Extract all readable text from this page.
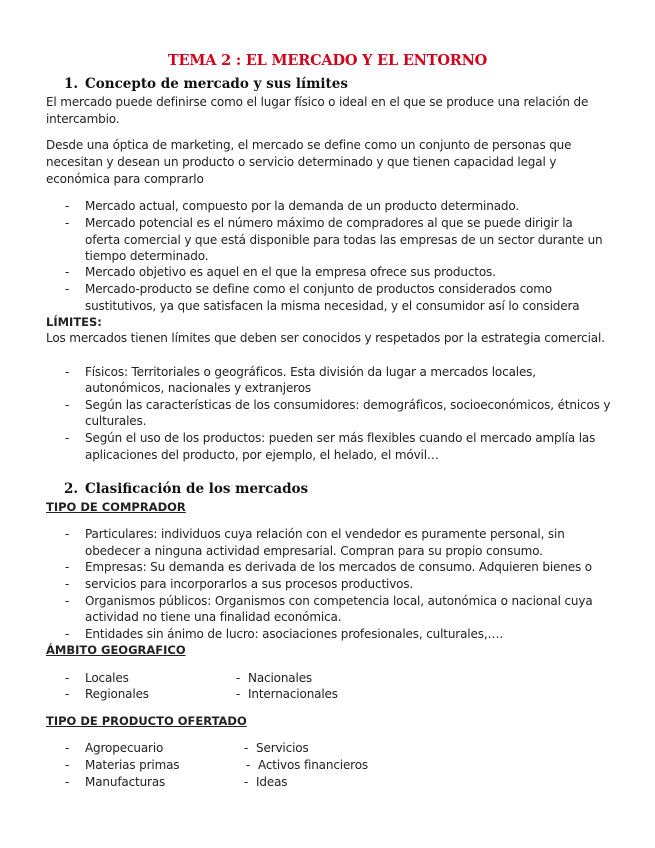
TEMA 2 : EL MERCADO Y EL ENTORNO
1. Concepto de mercado y sus límites
El mercado puede definirse como el lugar físico o ideal en el que se produce una relación de
intercambio.
Desde una óptica de marketing, el mercado se define como un conjunto de personas que
necesitan y desean un producto o servicio determinado y que tienen capacidad legal y
económica para comprarlo
- Mercado actual, compuesto por la demanda de un producto determinado.
- Mercado potencial es el número máximo de compradores al que se puede dirigir la
oferta comercial y que está disponible para todas las empresas de un sector durante un
tiempo determinado.
- Mercado objetivo es aquel en el que la empresa ofrece sus productos.
- Mercado-producto se define como el conjunto de productos considerados como
sustitutivos, ya que satisfacen la misma necesidad, y el consumidor así lo considera
LÍMITES:
Los mercados tienen límites que deben ser conocidos y respetados por la estrategia comercial.
- Físicos: Territoriales o geográficos. Esta división da lugar a mercados locales,
autonómicos, nacionales y extranjeros
- Según las características de los consumidores: demográficos, socioeconómicos, étnicos y
culturales.
- Según el uso de los productos: pueden ser más flexibles cuando el mercado amplía las
aplicaciones del producto, por ejemplo, el helado, el móvil…
2. Clasificación de los mercados
TIPO DE COMPRADOR
- Particulares: individuos cuya relación con el vendedor es puramente personal, sin
obedecer a ninguna actividad empresarial. Compran para su propio consumo.
- Empresas: Su demanda es derivada de los mercados de consumo. Adquieren bienes o
- servicios para incorporarlos a sus procesos productivos.
- Organismos públicos: Organismos con competencia local, autonómica o nacional cuya
actividad no tiene una finalidad económica.
- Entidades sin ánimo de lucro: asociaciones profesionales, culturales,….
ÁMBITO GEOGRAFICO
- Locales	- Nacionales
- Regionales	- Internacionales
TIPO DE PRODUCTO OFERTADO
- Agropecuario	- Servicios
- Materias primas	- Activos financieros
- Manufacturas	- Ideas
